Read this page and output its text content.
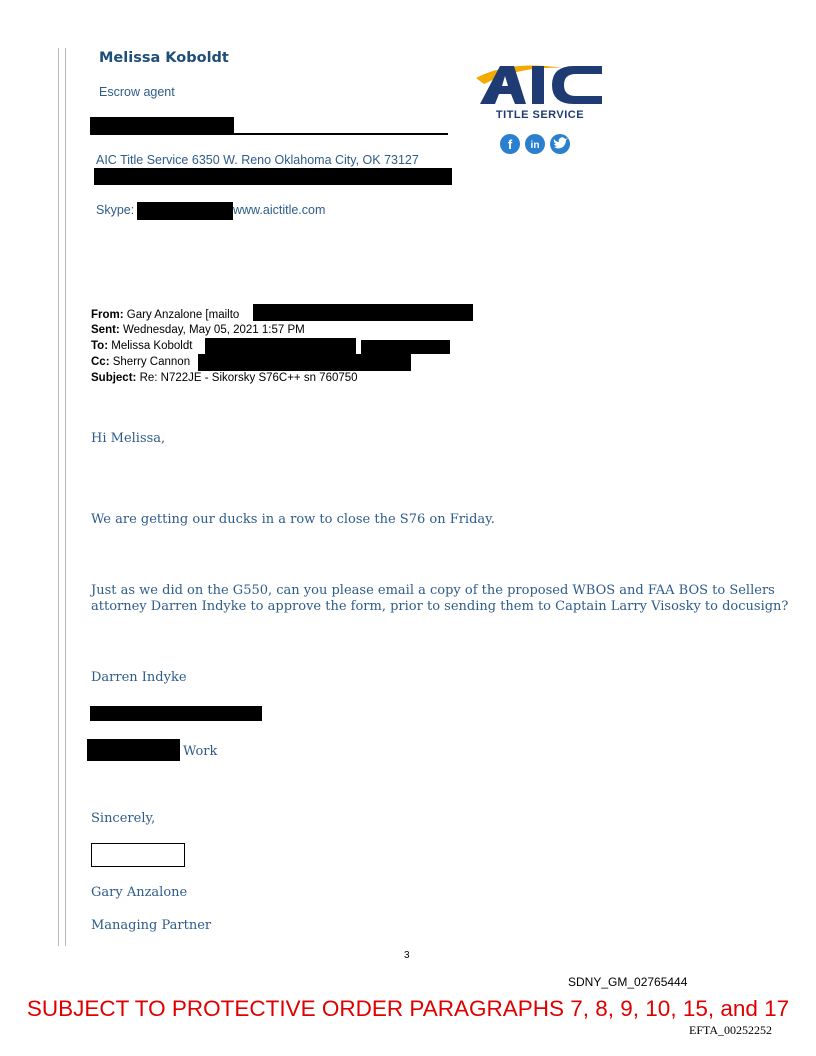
Melissa Koboldt
Escrow agent
AIC Title Service 6350 W. Reno Oklahoma City, OK 73127
Skype:	www.aictitle.com
TITLE SERVICE
f in
From: Gary Anzalone [mailto
Sent: Wednesday, May 05, 2021 1:57 PM
To: Melissa Koboldt
Cc: Sherry Cannon
Subject: Re: N722JE - Sikorsky S76C++ sn 760750
Hi Melissa,
We are getting our ducks in a row to close the S76 on Friday.
Just as we did on the G550, can you please email a copy of the proposed WBOS and FAA BOS to Sellers
attorney Darren Indyke to approve the form, prior to sending them to Captain Larry Visosky to docusign?
Darren Indyke
Work
Sincerely,
Gary Anzalone
Managing Partner
3
SDNY_GM_02765444
SUBJECT TO PROTECTIVE ORDER PARAGRAPHS 7, 8, 9, 10, 15, and 17
EFTA_00252252
